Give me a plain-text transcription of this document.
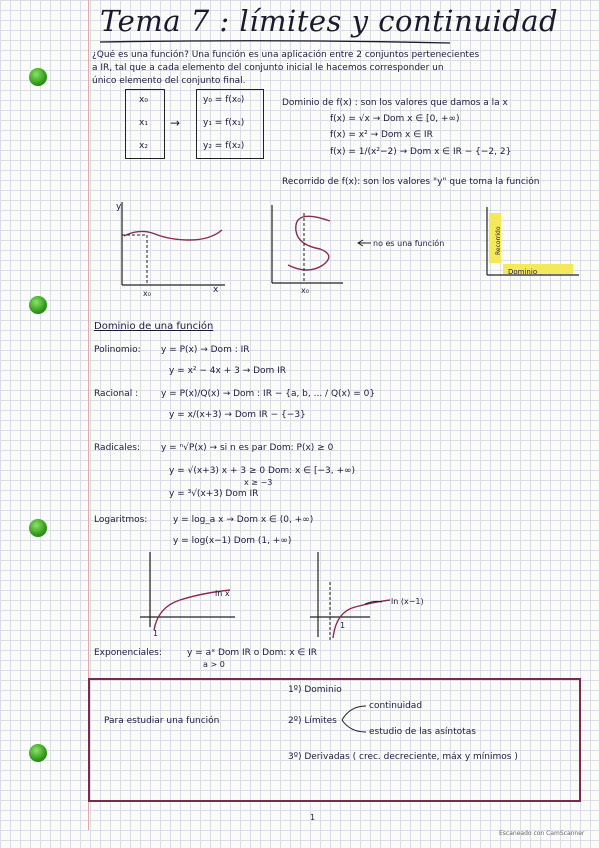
Tema 7 : límites y continuidad
¿Qué es una función? Una función es una aplicación entre 2 conjuntos pertenecientes
a IR, tal que a cada elemento del conjunto inicial le hacemos corresponder un
único elemento del conjunto final.
x₀
x₁
x₂
→
y₀ = f(x₀)
y₁ = f(x₁)
y₂ = f(x₂)
Dominio de f(x) : son los valores que damos a la x
f(x) = √x → Dom x ∈ [0, +∞)
f(x) = x² → Dom x ∈ IR
f(x) = 1/(x²−2) → Dom x ∈ IR − {−2, 2}
Recorrido de f(x): son los valores "y" que toma la función
y
x
x₀	x₀
no es una función	Recorrido
Dominio
Dominio de una función
Polinomio: y = P(x) → Dom : IR
y = x² − 4x + 3 → Dom IR
Racional :	y = P(x)/Q(x) → Dom : IR − {a, b, ... / Q(x) = 0}
y = x/(x+3) → Dom IR − {−3}
Radicales: y = ⁿ√P(x) → si n es par Dom: P(x) ≥ 0
y = √(x+3) x + 3 ≥ 0 Dom: x ∈ [−3, +∞)
x ≥ −3
y = ³√(x+3) Dom IR
Logaritmos:	y = log_a x → Dom x ∈ (0, +∞)
y = log(x−1) Dom (1, +∞)
ln x
1
ln (x−1)
1
Exponenciales:	y = aˣ Dom IR o Dom: x ∈ IR
a > 0
1º) Dominio
Para estudiar una función	2º) Límites
continuidad
estudio de las asíntotas
3º) Derivadas ( crec. decreciente, máx y mínimos )
1
Escaneado con CamScanner
